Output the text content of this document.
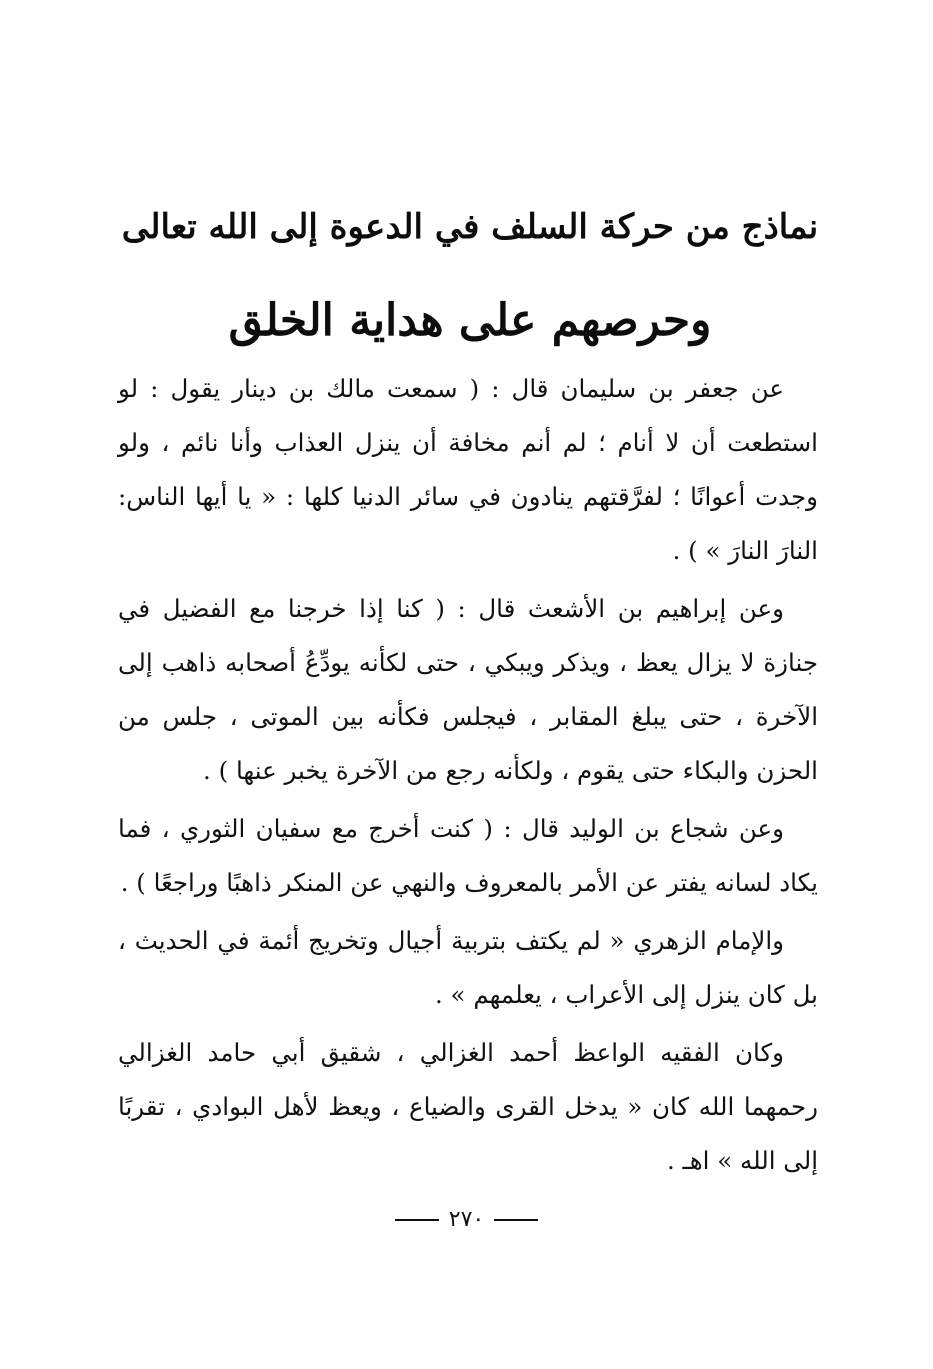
نماذج من حركة السلف في الدعوة إلى الله تعالى
وحرصهم على هداية الخلق

عن جعفر بن سليمان قال : ( سمعت مالك بن دينار يقول : لو استطعت أن لا أنام ؛ لم أنم مخافة أن ينزل العذاب وأنا نائم ، ولو وجدت أعوانًا ؛ لفرَّقتهم ينادون في سائر الدنيا كلها : « يا أيها الناس: النارَ النارَ » ) .

وعن إبراهيم بن الأشعث قال : ( كنا إذا خرجنا مع الفضيل في جنازة لا يزال يعظ ، ويذكر ويبكي ، حتى لكأنه يودِّعُ أصحابه ذاهب إلى الآخرة ، حتى يبلغ المقابر ، فيجلس فكأنه بين الموتى ، جلس من الحزن والبكاء حتى يقوم ، ولكأنه رجع من الآخرة يخبر عنها ) .

وعن شجاع بن الوليد قال : ( كنت أخرج مع سفيان الثوري ، فما يكاد لسانه يفتر عن الأمر بالمعروف والنهي عن المنكر ذاهبًا وراجعًا ) .

والإمام الزهري « لم يكتف بتربية أجيال وتخريج أئمة في الحديث ، بل كان ينزل إلى الأعراب ، يعلمهم » .

وكان الفقيه الواعظ أحمد الغزالي ، شقيق أبي حامد الغزالي رحمهما الله كان « يدخل القرى والضياع ، ويعظ لأهل البوادي ، تقربًا إلى الله » اهـ .

٢٧٠
